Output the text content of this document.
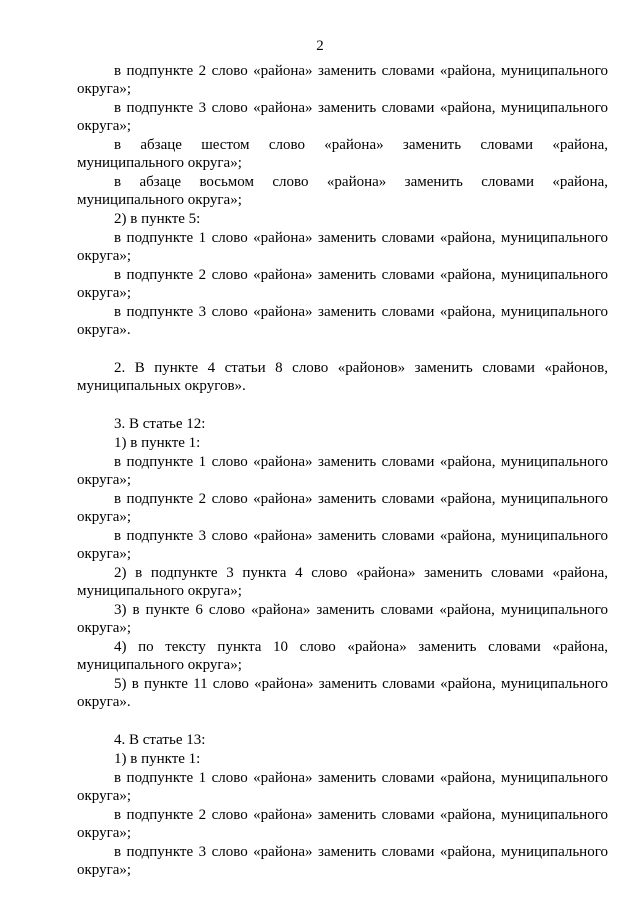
2

в подпункте 2 слово «района» заменить словами «района, муниципального округа»;

в подпункте 3 слово «района» заменить словами «района, муниципального округа»;

в абзаце шестом слово «района» заменить словами «района, муниципального округа»;

в абзаце восьмом слово «района» заменить словами «района, муниципального округа»;

2) в пункте 5:

в подпункте 1 слово «района» заменить словами «района, муниципального округа»;

в подпункте 2 слово «района» заменить словами «района, муниципального округа»;

в подпункте 3 слово «района» заменить словами «района, муниципального округа».

2. В пункте 4 статьи 8 слово «районов» заменить словами «районов, муниципальных округов».

3. В статье 12:

1) в пункте 1:

в подпункте 1 слово «района» заменить словами «района, муниципального округа»;

в подпункте 2 слово «района» заменить словами «района, муниципального округа»;

в подпункте 3 слово «района» заменить словами «района, муниципального округа»;

2) в подпункте 3 пункта 4 слово «района» заменить словами «района, муниципального округа»;

3) в пункте 6 слово «района» заменить словами «района, муниципального округа»;

4) по тексту пункта 10 слово «района» заменить словами «района, муниципального округа»;

5) в пункте 11 слово «района» заменить словами «района, муниципального округа».

4. В статье 13:

1) в пункте 1:

в подпункте 1 слово «района» заменить словами «района, муниципального округа»;

в подпункте 2 слово «района» заменить словами «района, муниципального округа»;

в подпункте 3 слово «района» заменить словами «района, муниципального округа»;
